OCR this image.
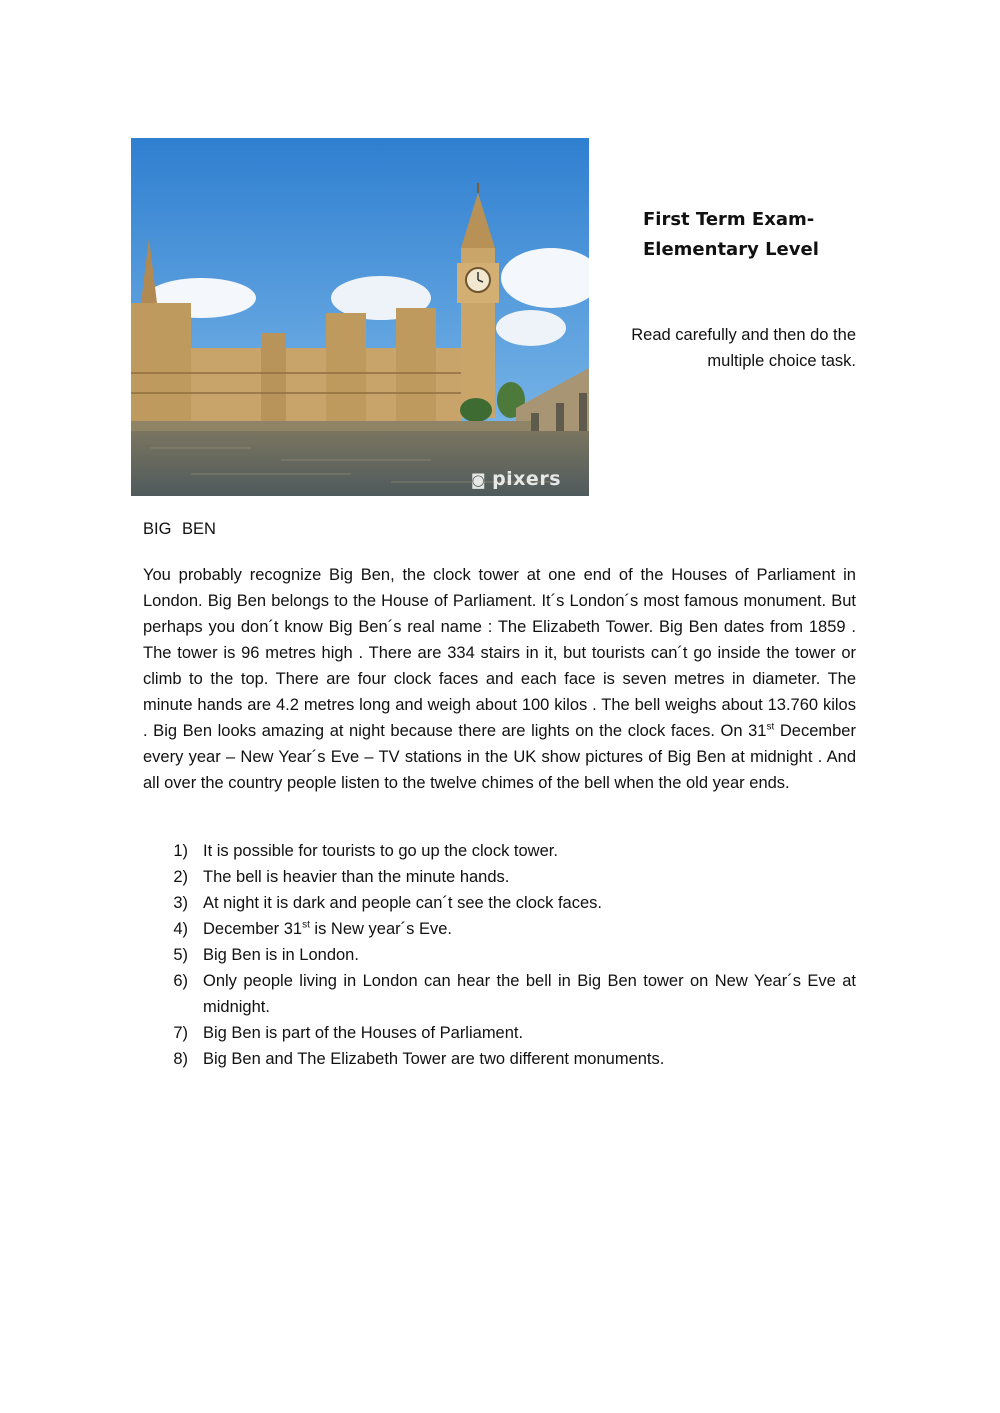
◙ pixers
First Term Exam-
Elementary Level
Read carefully and then do the
multiple choice task.
BIG BEN

You probably recognize Big Ben, the clock tower at one end of the Houses of Parliament in London. Big Ben belongs to the House of Parliament. It´s London´s most famous monument. But perhaps you don´t know Big Ben´s real name : The Elizabeth Tower. Big Ben dates from 1859 . The tower is 96 metres high . There are 334 stairs in it, but tourists can´t go inside the tower or climb to the top. There are four clock faces and each face is seven metres in diameter. The minute hands are 4.2 metres long and weigh about 100 kilos . The bell weighs about 13.760 kilos . Big Ben looks amazing at night because there are lights on the clock faces. On 31st December every year – New Year´s Eve – TV stations in the UK show pictures of Big Ben at midnight . And all over the country people listen to the twelve chimes of the bell when the old year ends.

1) It is possible for tourists to go up the clock tower.
2) The bell is heavier than the minute hands.
3) At night it is dark and people can´t see the clock faces.
4) December 31st is New year´s Eve.
5) Big Ben is in London.
6) Only people living in London can hear the bell in Big Ben tower on New Year´s Eve at midnight.
7) Big Ben is part of the Houses of Parliament.
8) Big Ben and The Elizabeth Tower are two different monuments.
